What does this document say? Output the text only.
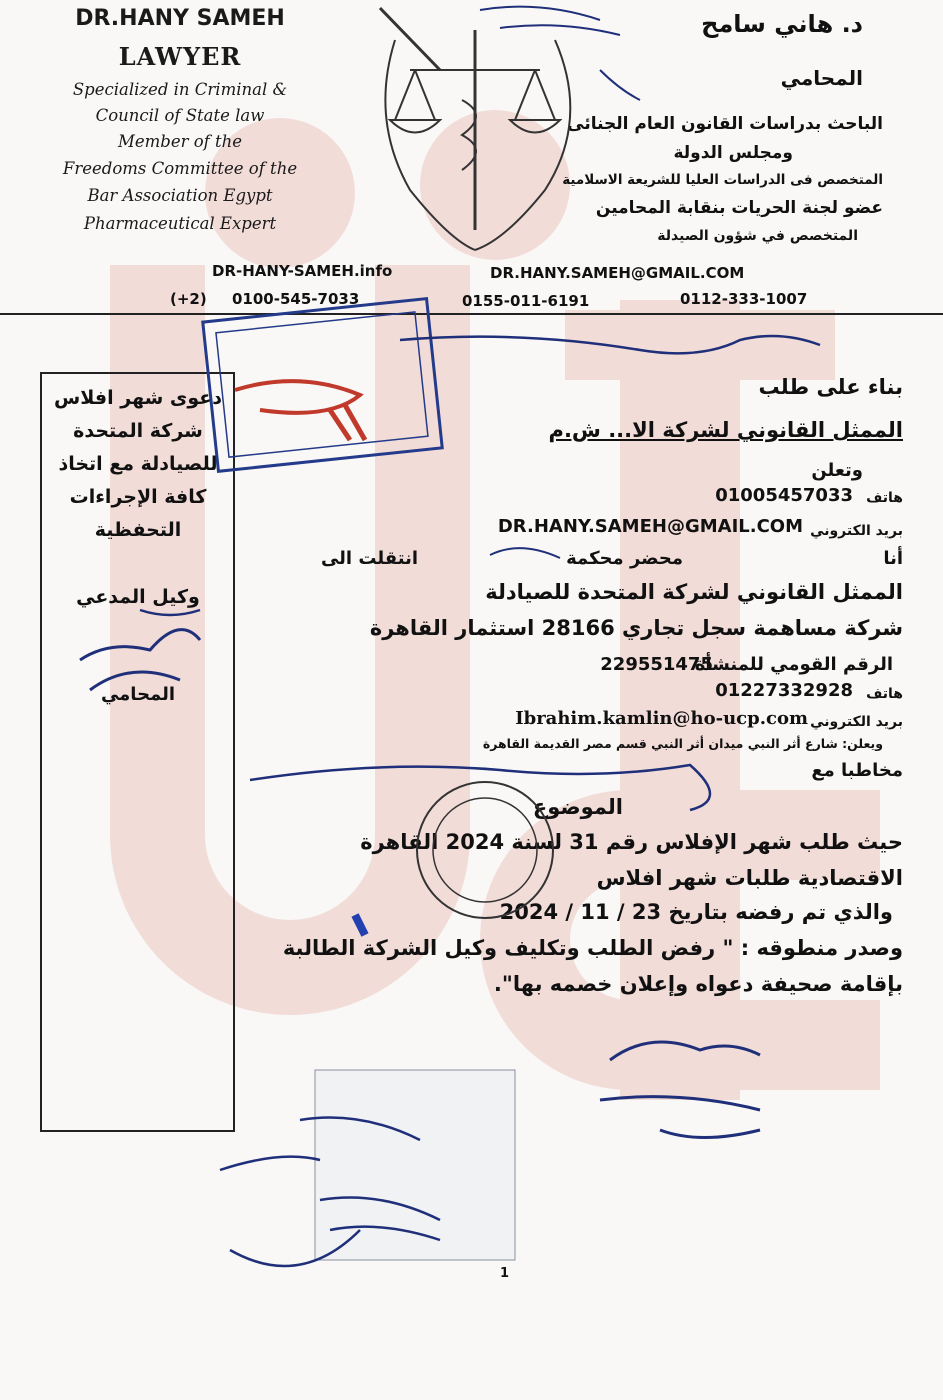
DR.HANY SAMEH
LAWYER
Specialized in Criminal &
Council of State law
Member of the
Freedoms Committee of the
Bar Association Egypt
Pharmaceutical Expert
د. هاني سامح
المحامي
الباحث بدراسات القانون العام الجنائى
ومجلس الدولة
المتخصص فى الدراسات العليا للشريعة الاسلامية
عضو لجنة الحريات بنقابة المحامين
المتخصص في شؤون الصيدلة
DR-HANY-SAMEH.info	DR.HANY.SAMEH@GMAIL.COM
(+2) 0100-545-7033	0155-011-6191	0112-333-1007
دعوى شهر افلاس شركة المتحدة للصيادلة مع اتخاذ كافة الإجراءات التحفظية
وكيل المدعي
المحامي
بناء على طلب
الممثل القانوني لشركة الا... ش.م
وتعلن
هاتف
01005457033
بريد الكتروني
DR.HANY.SAMEH@GMAIL.COM
أنا
محضر محكمة
انتقلت الى
الممثل القانوني لشركة المتحدة للصيادلة
شركة مساهمة سجل تجاري 28166 استثمار القاهرة
الرقم القومي للمنشأة
229551475
هاتف
01227332928
بريد الكتروني
Ibrahim.kamlin@ho-ucp.com
ويعلن: شارع أثر النبي ميدان أثر النبي قسم مصر القديمة القاهرة
مخاطبا مع
الموضوع
حيث طلب شهر الإفلاس رقم 31 لسنة 2024 القاهرة
الاقتصادية طلبات شهر افلاس
والذي تم رفضه بتاريخ 23 / 11 / 2024
وصدر منطوقه : " رفض الطلب وتكليف وكيل الشركة الطالبة
بإقامة صحيفة دعواه وإعلان خصمه بها".
1
